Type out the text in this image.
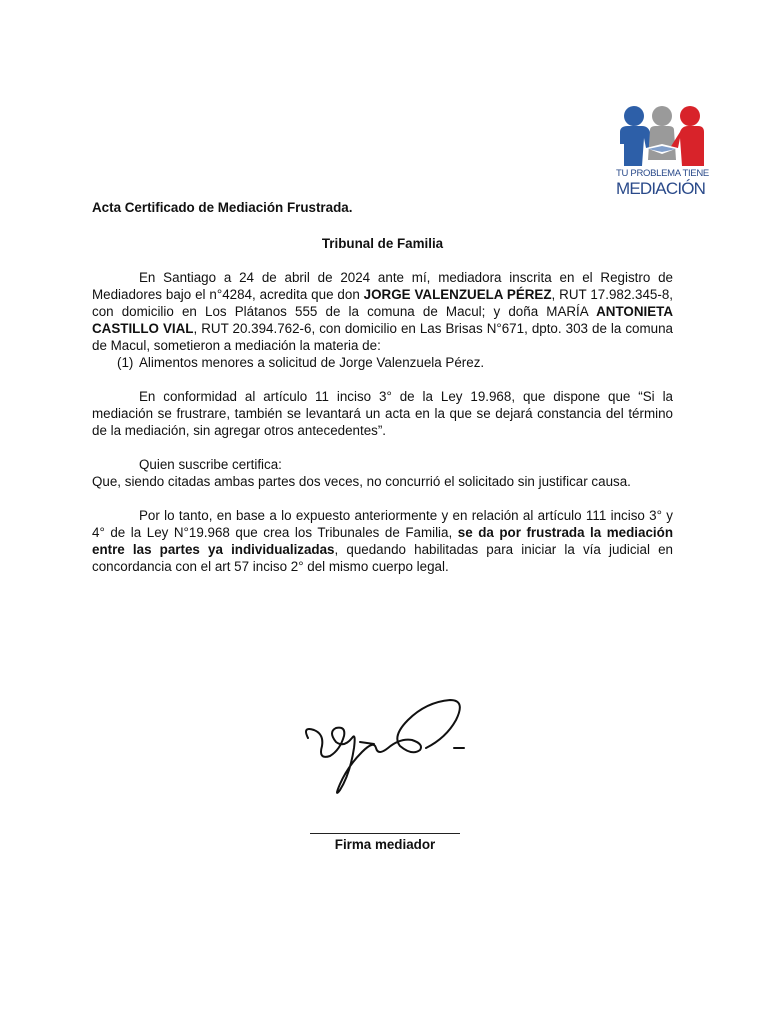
TU PROBLEMA TIENE
MEDIACIÓN

Acta Certificado de Mediación Frustrada.

Tribunal de Familia

En Santiago a 24 de abril de 2024 ante mí, mediadora inscrita en el Registro de Mediadores bajo el n°4284, acredita que don JORGE VALENZUELA PÉREZ, RUT 17.982.345-8, con domicilio en Los Plátanos 555 de la comuna de Macul; y doña MARÍA ANTONIETA CASTILLO VIAL, RUT 20.394.762-6, con domicilio en Las Brisas N°671, dpto. 303 de la comuna de Macul, sometieron a mediación la materia de:

(1) Alimentos menores a solicitud de Jorge Valenzuela Pérez.

En conformidad al artículo 11 inciso 3° de la Ley 19.968, que dispone que “Si la mediación se frustrare, también se levantará un acta en la que se dejará constancia del término de la mediación, sin agregar otros antecedentes”.

Quien suscribe certifica:

Que, siendo citadas ambas partes dos veces, no concurrió el solicitado sin justificar causa.

Por lo tanto, en base a lo expuesto anteriormente y en relación al artículo 111 inciso 3° y 4° de la Ley N°19.968 que crea los Tribunales de Familia, se da por frustrada la mediación entre las partes ya individualizadas, quedando habilitadas para iniciar la vía judicial en concordancia con el art 57 inciso 2° del mismo cuerpo legal.

Firma mediador
